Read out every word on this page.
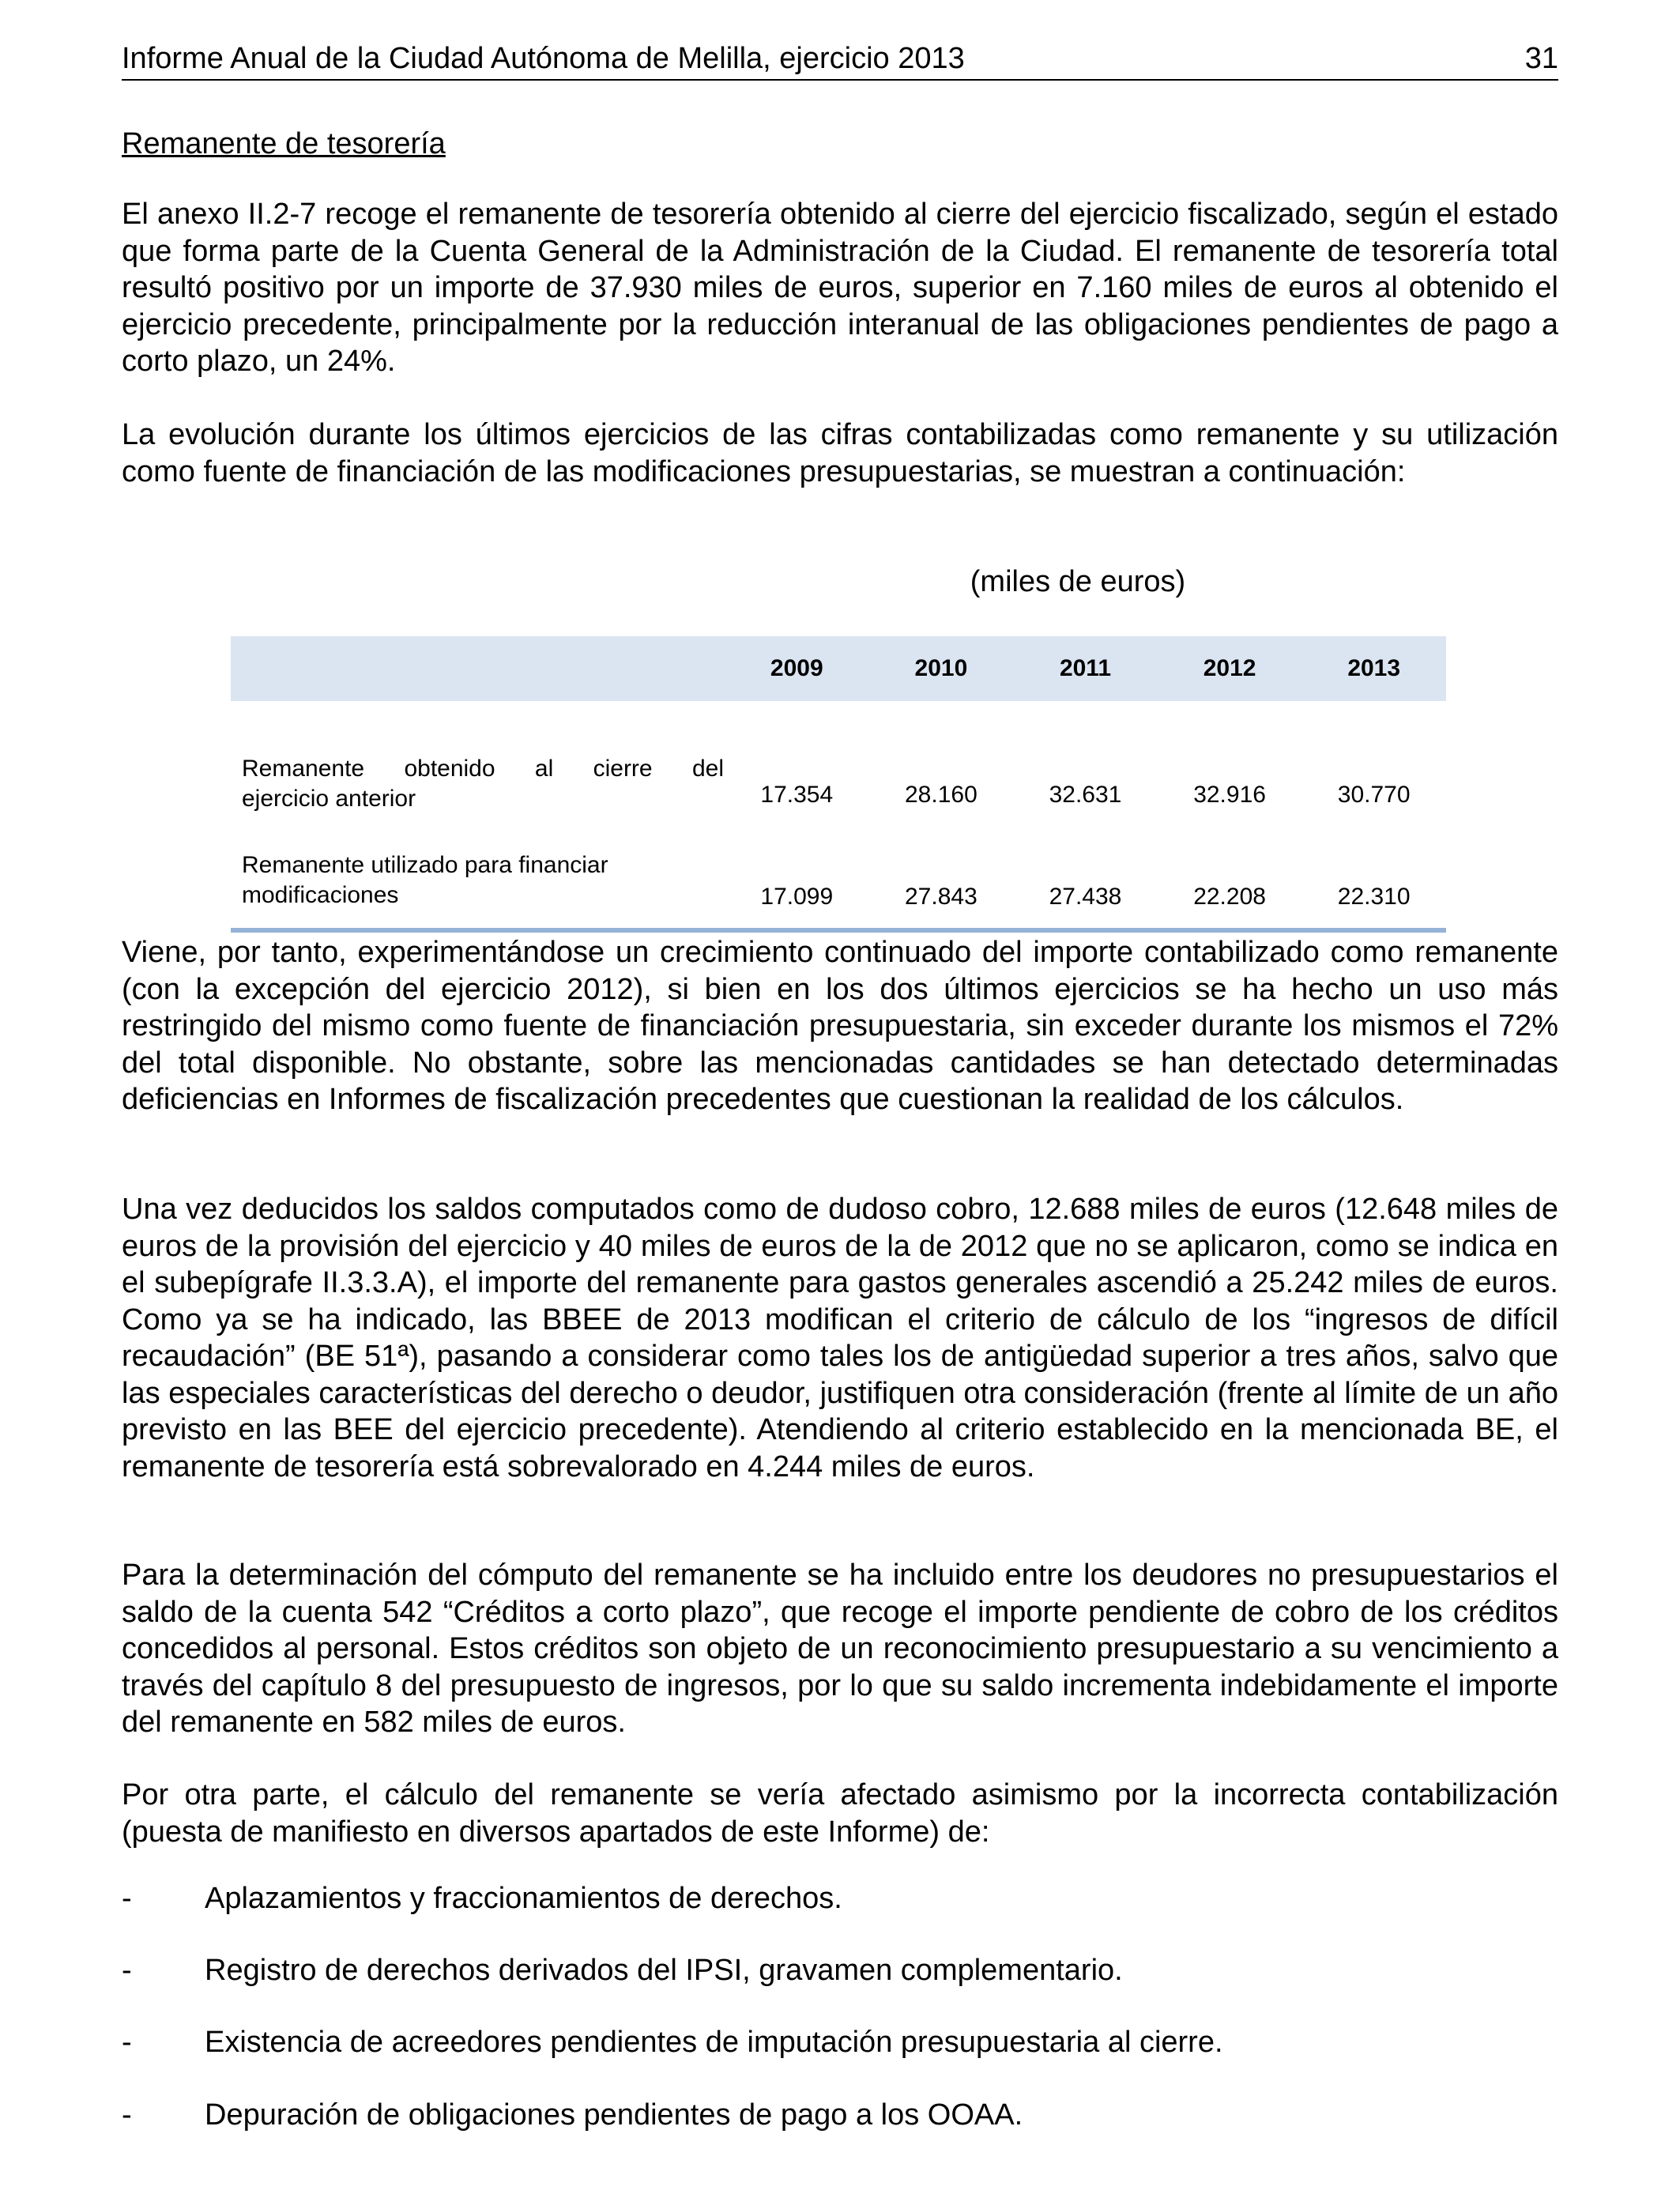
Informe Anual de la Ciudad Autónoma de Melilla, ejercicio 2013	31
Remanente de tesorería

El anexo II.2-7 recoge el remanente de tesorería obtenido al cierre del ejercicio fiscalizado, según el estado que forma parte de la Cuenta General de la Administración de la Ciudad. El remanente de tesorería total resultó positivo por un importe de 37.930 miles de euros, superior en 7.160 miles de euros al obtenido el ejercicio precedente, principalmente por la reducción interanual de las obligaciones pendientes de pago a corto plazo, un 24%.

La evolución durante los últimos ejercicios de las cifras contabilizadas como remanente y su utilización como fuente de financiación de las modificaciones presupuestarias, se muestran a continuación:

(miles de euros)
	2009	2010	2011	2012	2013

Remanente obtenido al cierre del
ejercicio anterior	17.354	28.160	32.631	32.916	30.770

Remanente utilizado para financiar
modificaciones	17.099	27.843	27.438	22.208	22.310

Viene, por tanto, experimentándose un crecimiento continuado del importe contabilizado como remanente (con la excepción del ejercicio 2012), si bien en los dos últimos ejercicios se ha hecho un uso más restringido del mismo como fuente de financiación presupuestaria, sin exceder durante los mismos el 72% del total disponible. No obstante, sobre las mencionadas cantidades se han detectado determinadas deficiencias en Informes de fiscalización precedentes que cuestionan la realidad de los cálculos.

Una vez deducidos los saldos computados como de dudoso cobro, 12.688 miles de euros (12.648 miles de euros de la provisión del ejercicio y 40 miles de euros de la de 2012 que no se aplicaron, como se indica en el subepígrafe II.3.3.A), el importe del remanente para gastos generales ascendió a 25.242 miles de euros. Como ya se ha indicado, las BBEE de 2013 modifican el criterio de cálculo de los “ingresos de difícil recaudación” (BE 51ª), pasando a considerar como tales los de antigüedad superior a tres años, salvo que las especiales características del derecho o deudor, justifiquen otra consideración (frente al límite de un año previsto en las BEE del ejercicio precedente). Atendiendo al criterio establecido en la mencionada BE, el remanente de tesorería está sobrevalorado en 4.244 miles de euros.

Para la determinación del cómputo del remanente se ha incluido entre los deudores no presupuestarios el saldo de la cuenta 542 “Créditos a corto plazo”, que recoge el importe pendiente de cobro de los créditos concedidos al personal. Estos créditos son objeto de un reconocimiento presupuestario a su vencimiento a través del capítulo 8 del presupuesto de ingresos, por lo que su saldo incrementa indebidamente el importe del remanente en 582 miles de euros.

Por otra parte, el cálculo del remanente se vería afectado asimismo por la incorrecta contabilización (puesta de manifiesto en diversos apartados de este Informe) de:

- Aplazamientos y fraccionamientos de derechos.
- Registro de derechos derivados del IPSI, gravamen complementario.
- Existencia de acreedores pendientes de imputación presupuestaria al cierre.
- Depuración de obligaciones pendientes de pago a los OOAA.
